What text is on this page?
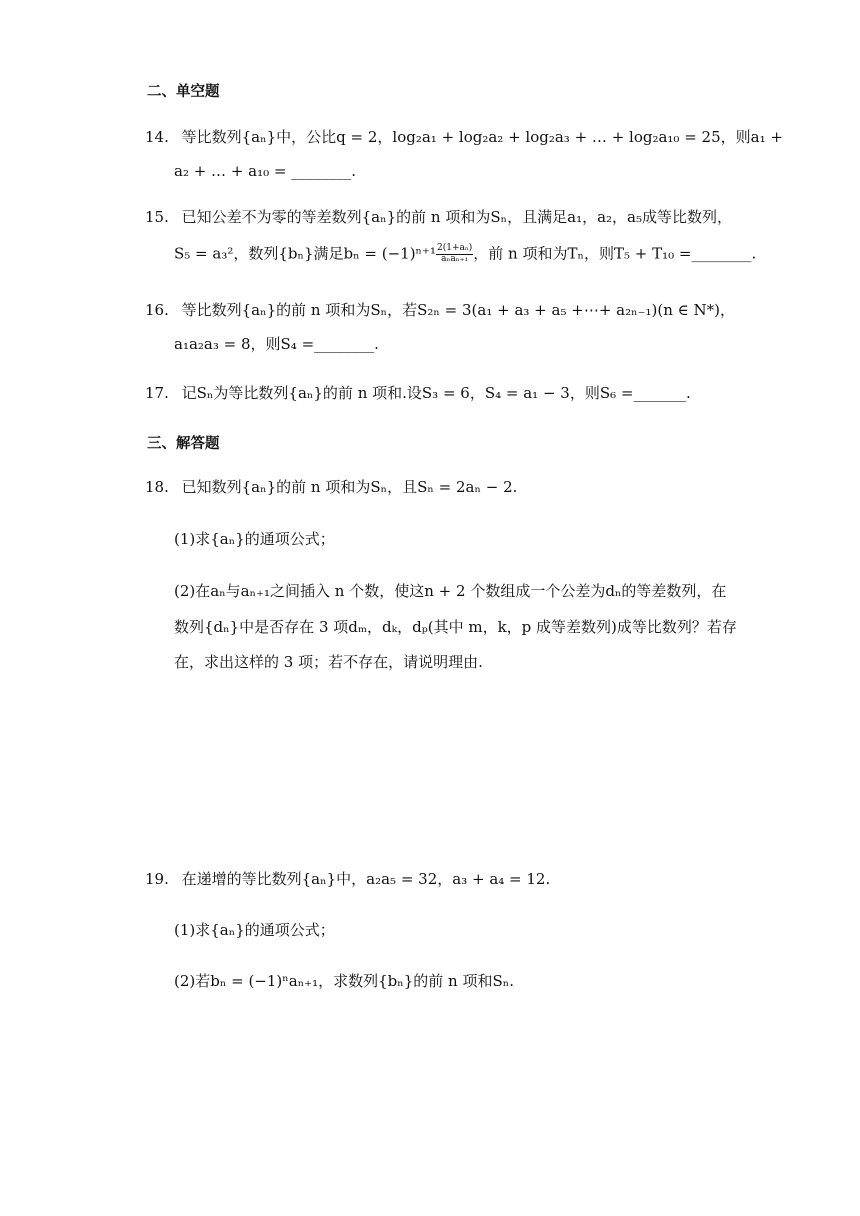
二、单空题
14. 等比数列{aₙ}中，公比q = 2，log₂a₁ + log₂a₂ + log₂a₃ + … + log₂a₁₀ = 25，则a₁ +
a₂ + … + a₁₀ = ________.
15. 已知公差不为零的等差数列{aₙ}的前 n 项和为Sₙ，且满足a₁，a₂，a₅成等比数列，
S₅ = a₃²，数列{bₙ}满足$b_n = (-1)^{n+1} \frac{\text{2(1+aₙ)}}{\text{aₙaₙ₊₁}}$ ，前 n 项和为Tₙ，则T₅ + T₁₀ =________.
16. 等比数列{aₙ}的前 n 项和为Sₙ，若S₂ₙ = 3(a₁ + a₃ + a₅ +⋯+ a₂ₙ₋₁)(n ∈ N*)，
a₁a₂a₃ = 8，则S₄ =________.
17. 记Sₙ为等比数列{aₙ}的前 n 项和.设S₃ = 6，S₄ = a₁ − 3，则S₆ =_______.
三、解答题
18. 已知数列{aₙ}的前 n 项和为Sₙ，且Sₙ = 2aₙ − 2.
(1)求{aₙ}的通项公式；
(2)在aₙ与aₙ₊₁之间插入 n 个数，使这n + 2 个数组成一个公差为dₙ的等差数列，在
数列{dₙ}中是否存在 3 项dₘ，dₖ，dₚ(其中 m，k，p 成等差数列)成等比数列？若存
在，求出这样的 3 项；若不存在，请说明理由.
19. 在递增的等比数列{aₙ}中，a₂a₅ = 32，a₃ + a₄ = 12.
(1)求{aₙ}的通项公式；
(2)若bₙ = (−1)ⁿaₙ₊₁，求数列{bₙ}的前 n 项和Sₙ.
